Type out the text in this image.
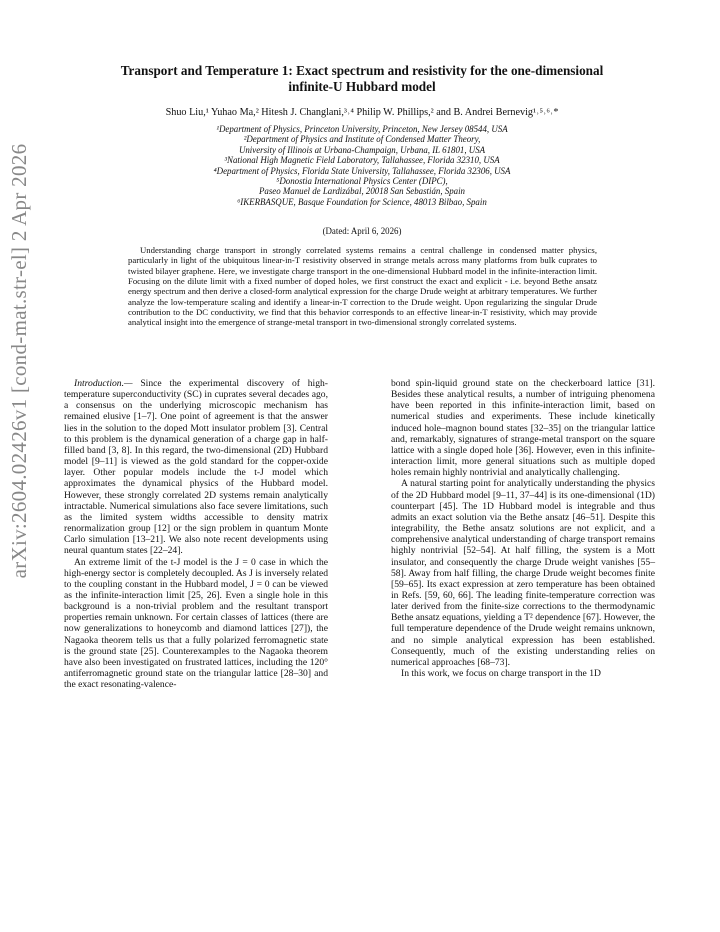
arXiv:2604.02426v1 [cond-mat.str-el] 2 Apr 2026
Transport and Temperature 1: Exact spectrum and resistivity for the one-dimensional
infinite-U Hubbard model
Shuo Liu,¹ Yuhao Ma,² Hitesh J. Changlani,³˒⁴ Philip W. Phillips,² and B. Andrei Bernevig¹˒⁵˒⁶˒*
¹Department of Physics, Princeton University, Princeton, New Jersey 08544, USA
²Department of Physics and Institute of Condensed Matter Theory,
University of Illinois at Urbana-Champaign, Urbana, IL 61801, USA
³National High Magnetic Field Laboratory, Tallahassee, Florida 32310, USA
⁴Department of Physics, Florida State University, Tallahassee, Florida 32306, USA
⁵Donostia International Physics Center (DIPC),
Paseo Manuel de Lardizábal, 20018 San Sebastián, Spain
⁶IKERBASQUE, Basque Foundation for Science, 48013 Bilbao, Spain
(Dated: April 6, 2026)
Understanding charge transport in strongly correlated systems remains a central challenge in condensed matter physics, particularly in light of the ubiquitous linear-in-T resistivity observed in strange metals across many platforms from bulk cuprates to twisted bilayer graphene. Here, we investigate charge transport in the one-dimensional Hubbard model in the infinite-interaction limit. Focusing on the dilute limit with a fixed number of doped holes, we first construct the exact and explicit - i.e. beyond Bethe ansatz energy spectrum and then derive a closed-form analytical expression for the charge Drude weight at arbitrary temperatures. We further analyze the low-temperature scaling and identify a linear-in-T correction to the Drude weight. Upon regularizing the singular Drude contribution to the DC conductivity, we find that this behavior corresponds to an effective linear-in-T resistivity, which may provide analytical insight into the emergence of strange-metal transport in two-dimensional strongly correlated systems.

Introduction.— Since the experimental discovery of high-temperature superconductivity (SC) in cuprates several decades ago, a consensus on the underlying microscopic mechanism has remained elusive [1–7]. One point of agreement is that the answer lies in the solution to the doped Mott insulator problem [3]. Central to this problem is the dynamical generation of a charge gap in half-filled band [3, 8]. In this regard, the two-dimensional (2D) Hubbard model [9–11] is viewed as the gold standard for the copper-oxide layer. Other popular models include the t-J model which approximates the dynamical physics of the Hubbard model. However, these strongly correlated 2D systems remain analytically intractable. Numerical simulations also face severe limitations, such as the limited system widths accessible to density matrix renormalization group [12] or the sign problem in quantum Monte Carlo simulation [13–21]. We also note recent developments using neural quantum states [22–24].

An extreme limit of the t-J model is the J = 0 case in which the high-energy sector is completely decoupled. As J is inversely related to the coupling constant in the Hubbard model, J = 0 can be viewed as the infinite-interaction limit [25, 26]. Even a single hole in this background is a non-trivial problem and the resultant transport properties remain unknown. For certain classes of lattices (there are now generalizations to honeycomb and diamond lattices [27]), the Nagaoka theorem tells us that a fully polarized ferromagnetic state is the ground state [25]. Counterexamples to the Nagaoka theorem have also been investigated on frustrated lattices, including the 120° antiferromagnetic ground state on the triangular lattice [28–30] and the exact resonating-valence-

bond spin-liquid ground state on the checkerboard lattice [31]. Besides these analytical results, a number of intriguing phenomena have been reported in this infinite-interaction limit, based on numerical studies and experiments. These include kinetically induced hole–magnon bound states [32–35] on the triangular lattice and, remarkably, signatures of strange-metal transport on the square lattice with a single doped hole [36]. However, even in this infinite-interaction limit, more general situations such as multiple doped holes remain highly nontrivial and analytically challenging.

A natural starting point for analytically understanding the physics of the 2D Hubbard model [9–11, 37–44] is its one-dimensional (1D) counterpart [45]. The 1D Hubbard model is integrable and thus admits an exact solution via the Bethe ansatz [46–51]. Despite this integrability, the Bethe ansatz solutions are not explicit, and a comprehensive analytical understanding of charge transport remains highly nontrivial [52–54]. At half filling, the system is a Mott insulator, and consequently the charge Drude weight vanishes [55–58]. Away from half filling, the charge Drude weight becomes finite [59–65]. Its exact expression at zero temperature has been obtained in Refs. [59, 60, 66]. The leading finite-temperature correction was later derived from the finite-size corrections to the thermodynamic Bethe ansatz equations, yielding a T² dependence [67]. However, the full temperature dependence of the Drude weight remains unknown, and no simple analytical expression has been established. Consequently, much of the existing understanding relies on numerical approaches [68–73].

In this work, we focus on charge transport in the 1D
